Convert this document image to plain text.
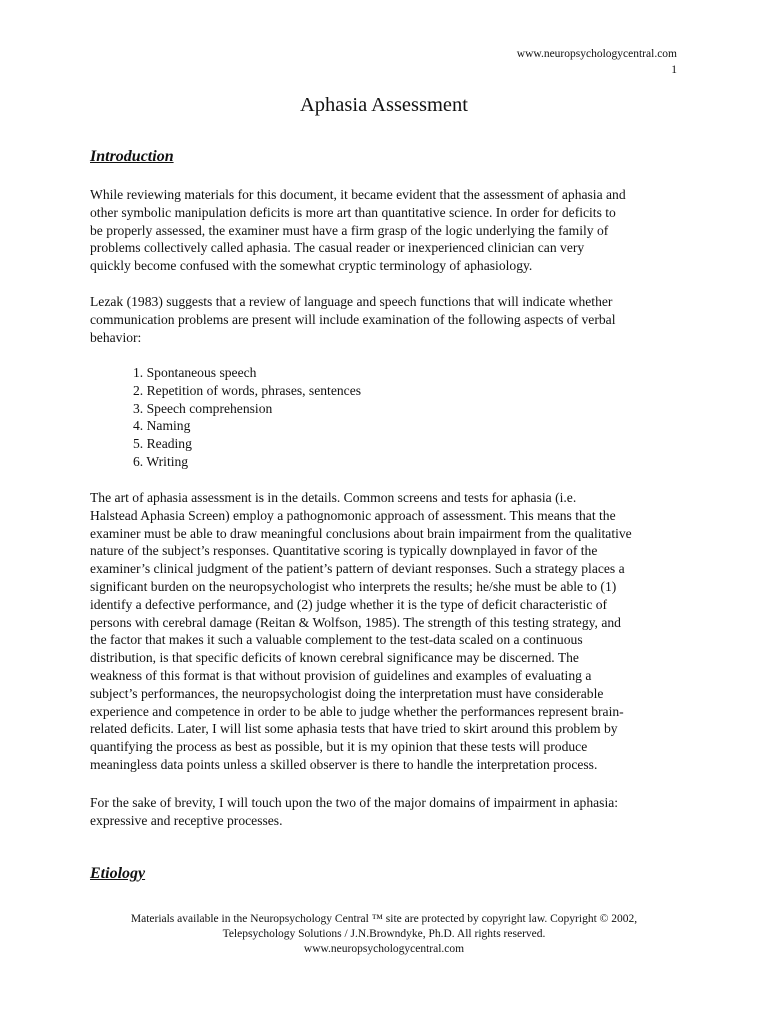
www.neuropsychologycentral.com
1
Aphasia Assessment
Introduction

While reviewing materials for this document, it became evident that the assessment of aphasia and
other symbolic manipulation deficits is more art than quantitative science. In order for deficits to
be properly assessed, the examiner must have a firm grasp of the logic underlying the family of
problems collectively called aphasia. The casual reader or inexperienced clinician can very
quickly become confused with the somewhat cryptic terminology of aphasiology.

Lezak (1983) suggests that a review of language and speech functions that will indicate whether
communication problems are present will include examination of the following aspects of verbal
behavior:

1. Spontaneous speech
2. Repetition of words, phrases, sentences
3. Speech comprehension
4. Naming
5. Reading
6. Writing

The art of aphasia assessment is in the details. Common screens and tests for aphasia (i.e.
Halstead Aphasia Screen) employ a pathognomonic approach of assessment. This means that the
examiner must be able to draw meaningful conclusions about brain impairment from the qualitative
nature of the subject’s responses. Quantitative scoring is typically downplayed in favor of the
examiner’s clinical judgment of the patient’s pattern of deviant responses. Such a strategy places a
significant burden on the neuropsychologist who interprets the results; he/she must be able to (1)
identify a defective performance, and (2) judge whether it is the type of deficit characteristic of
persons with cerebral damage (Reitan & Wolfson, 1985). The strength of this testing strategy, and
the factor that makes it such a valuable complement to the test-data scaled on a continuous
distribution, is that specific deficits of known cerebral significance may be discerned. The
weakness of this format is that without provision of guidelines and examples of evaluating a
subject’s performances, the neuropsychologist doing the interpretation must have considerable
experience and competence in order to be able to judge whether the performances represent brain-
related deficits. Later, I will list some aphasia tests that have tried to skirt around this problem by
quantifying the process as best as possible, but it is my opinion that these tests will produce
meaningless data points unless a skilled observer is there to handle the interpretation process.

For the sake of brevity, I will touch upon the two of the major domains of impairment in aphasia:
expressive and receptive processes.

Etiology
Materials available in the Neuropsychology Central ™ site are protected by copyright law. Copyright © 2002,
Telepsychology Solutions / J.N.Browndyke, Ph.D. All rights reserved.
www.neuropsychologycentral.com
